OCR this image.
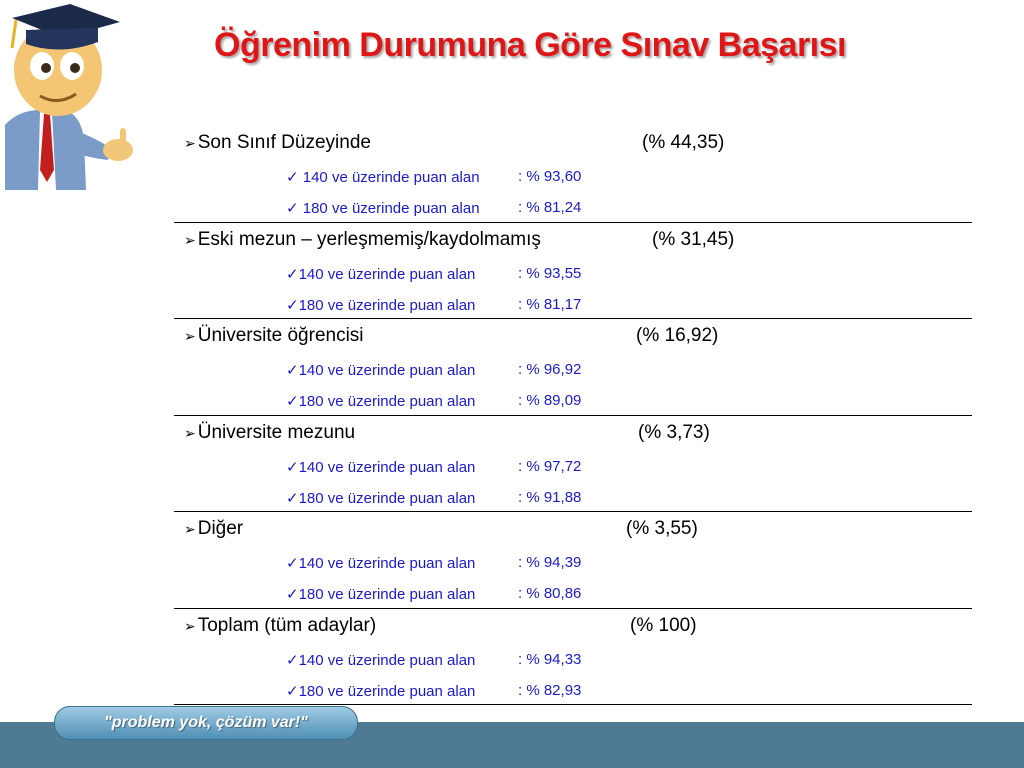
Öğrenim Durumuna Göre Sınav Başarısı
➢ Son Sınıf Düzeyinde	(% 44,35)
✓ 140 ve üzerinde puan alan	: % 93,60
✓ 180 ve üzerinde puan alan	: % 81,24
➢ Eski mezun – yerleşmemiş/kaydolmamış	(% 31,45)
✓140 ve üzerinde puan alan	: % 93,55
✓180 ve üzerinde puan alan	: % 81,17
➢ Üniversite öğrencisi	(% 16,92)
✓140 ve üzerinde puan alan	: % 96,92
✓180 ve üzerinde puan alan	: % 89,09
➢ Üniversite mezunu	(% 3,73)
✓140 ve üzerinde puan alan	: % 97,72
✓180 ve üzerinde puan alan	: % 91,88
➢ Diğer	(% 3,55)
✓140 ve üzerinde puan alan	: % 94,39
✓180 ve üzerinde puan alan	: % 80,86
➢ Toplam (tüm adaylar)	(% 100)
✓140 ve üzerinde puan alan	: % 94,33
✓180 ve üzerinde puan alan	: % 82,93
"problem yok, çözüm var!"
